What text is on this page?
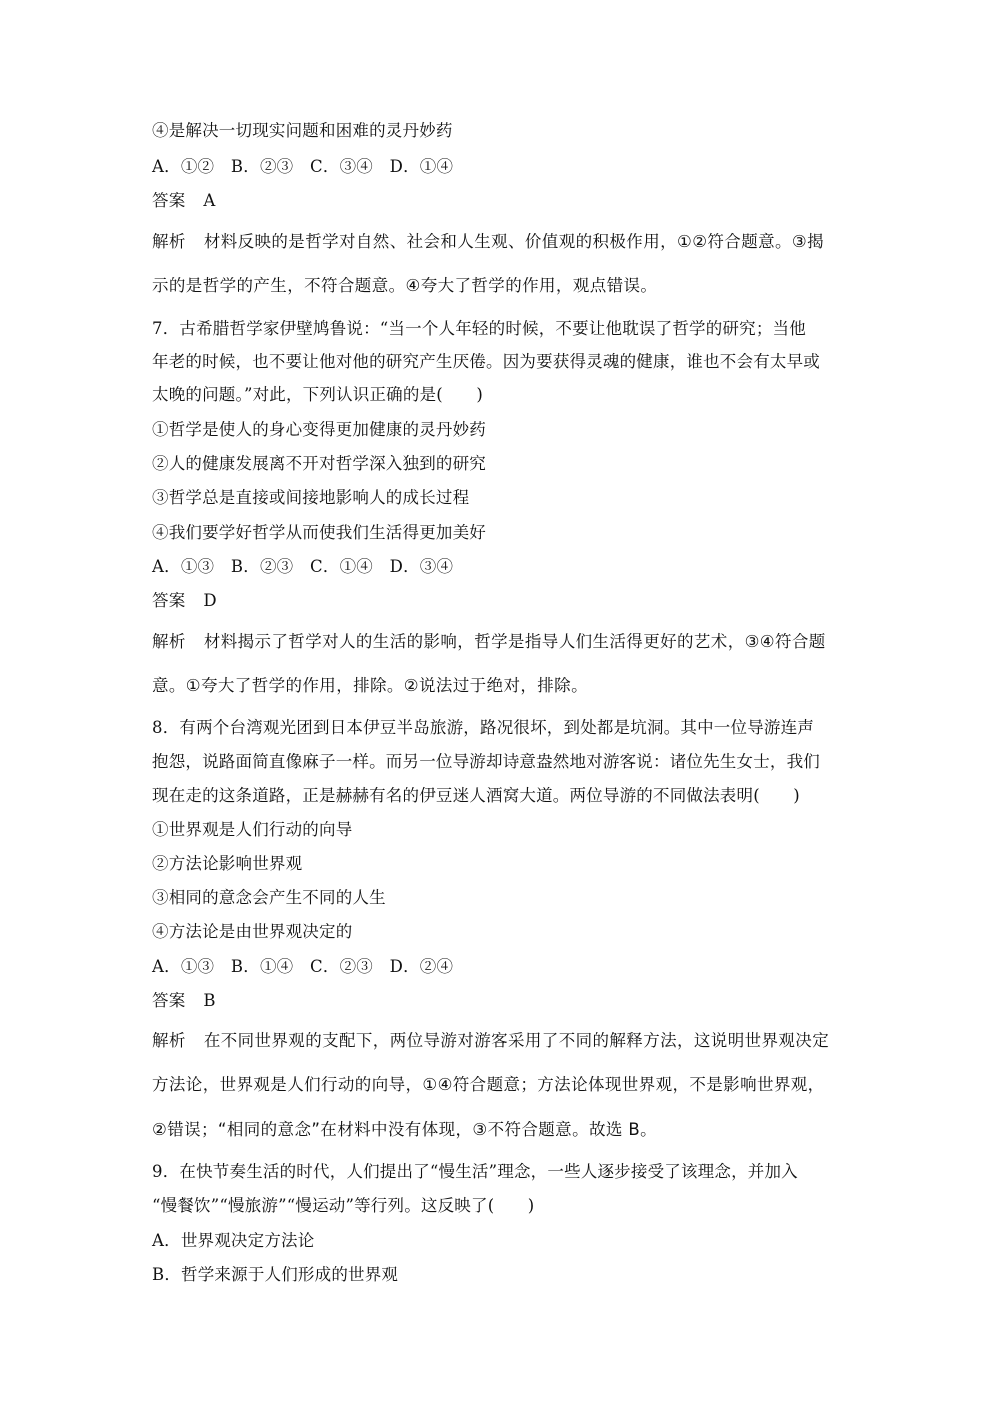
④是解决一切现实问题和困难的灵丹妙药
A．①②　B．②③　C．③④　D．①④
答案 A
解析 材料反映的是哲学对自然、社会和人生观、价值观的积极作用，①②符合题意。③揭
示的是哲学的产生，不符合题意。④夸大了哲学的作用，观点错误。
7．古希腊哲学家伊壁鸠鲁说：“当一个人年轻的时候，不要让他耽误了哲学的研究；当他
年老的时候，也不要让他对他的研究产生厌倦。因为要获得灵魂的健康，谁也不会有太早或
太晚的问题。”对此，下列认识正确的是(　　)
①哲学是使人的身心变得更加健康的灵丹妙药
②人的健康发展离不开对哲学深入独到的研究
③哲学总是直接或间接地影响人的成长过程
④我们要学好哲学从而使我们生活得更加美好
A．①③　B．②③　C．①④　D．③④
答案 D
解析 材料揭示了哲学对人的生活的影响，哲学是指导人们生活得更好的艺术，③④符合题
意。①夸大了哲学的作用，排除。②说法过于绝对，排除。
8．有两个台湾观光团到日本伊豆半岛旅游，路况很坏，到处都是坑洞。其中一位导游连声
抱怨，说路面简直像麻子一样。而另一位导游却诗意盎然地对游客说：诸位先生女士，我们
现在走的这条道路，正是赫赫有名的伊豆迷人酒窝大道。两位导游的不同做法表明(　　)
①世界观是人们行动的向导
②方法论影响世界观
③相同的意念会产生不同的人生
④方法论是由世界观决定的
A．①③　B．①④　C．②③　D．②④
答案 B
解析 在不同世界观的支配下，两位导游对游客采用了不同的解释方法，这说明世界观决定
方法论，世界观是人们行动的向导，①④符合题意；方法论体现世界观，不是影响世界观，
②错误；“相同的意念”在材料中没有体现，③不符合题意。故选 B。
9．在快节奏生活的时代，人们提出了“慢生活”理念，一些人逐步接受了该理念，并加入
“慢餐饮”“慢旅游”“慢运动”等行列。这反映了(　　)
A．世界观决定方法论
B．哲学来源于人们形成的世界观
